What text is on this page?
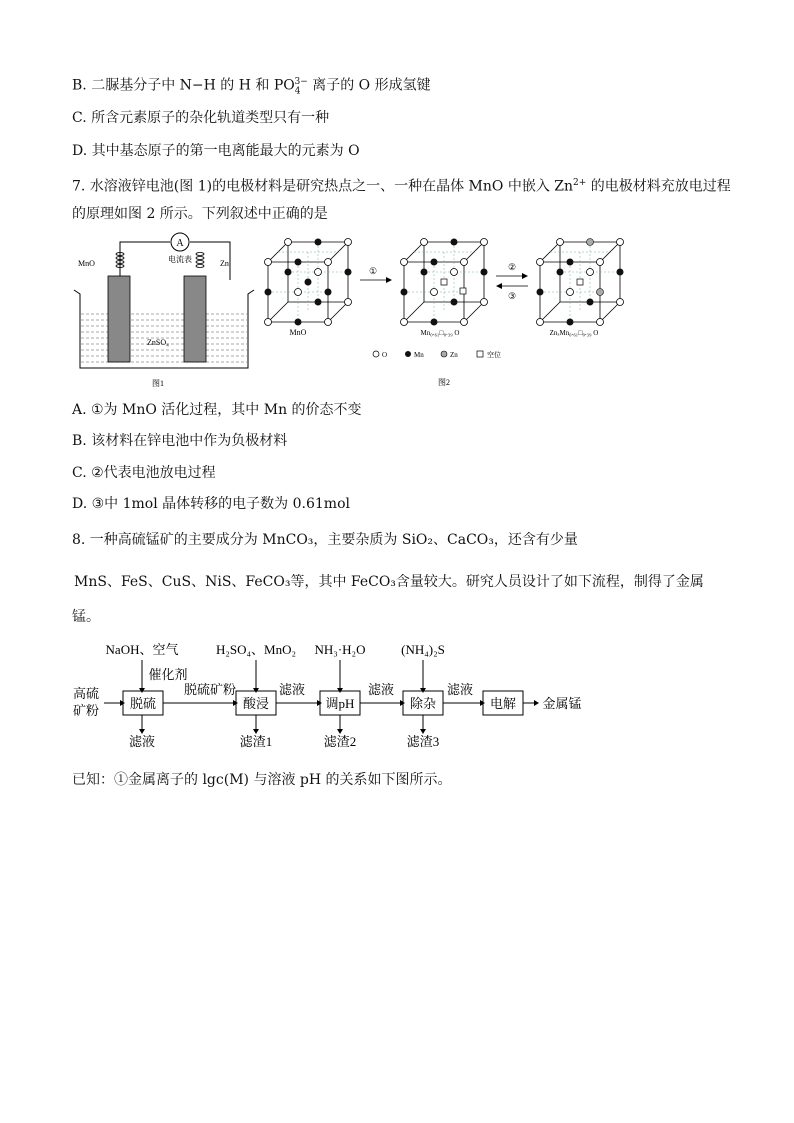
B. 二脲基分子中 N−H 的 H 和 $PO_4^{3-}$ 离子的 O 形成氢键
C. 所含元素原子的杂化轨道类型只有一种
D. 其中基态原子的第一电离能最大的元素为 O
7. 水溶液锌电池(图 1)的电极材料是研究热点之一、一种在晶体 MnO 中嵌入 $Zn^{2+}$ 的电极材料充放电过程
的原理如图 2 所示。下列叙述中正确的是
A
电流表
MnO	Zn
ZnSO₄
图1
MnO
①
Mn₀.₆₁□₀.₃₉ O
②
③
ZnₓMn₀.₆₁□₀.₃₉ O
O	Mn	Zn	空位
图2
A. ①为 MnO 活化过程，其中 Mn 的价态不变
B. 该材料在锌电池中作为负极材料
C. ②代表电池放电过程
D. ③中 1mol 晶体转移的电子数为 0.61mol
8. 一种高硫锰矿的主要成分为 MnCO₃，主要杂质为 SiO₂、CaCO₃，还含有少量
MnS、FeS、CuS、NiS、FeCO₃等，其中 FeCO₃含量较大。研究人员设计了如下流程，制得了金属
锰。
NaOH、空气
催化剂
H₂SO₄、MnO₂ NH₃·H₂O	(NH₄)₂S
高硫
矿粉
脱硫矿粉	滤液	滤液	滤液
金属锰
滤液	滤渣1	滤渣2	滤渣3
脱硫	酸浸	调pH	除杂	电解
已知：①金属离子的 lgc(M) 与溶液 pH 的关系如下图所示。
